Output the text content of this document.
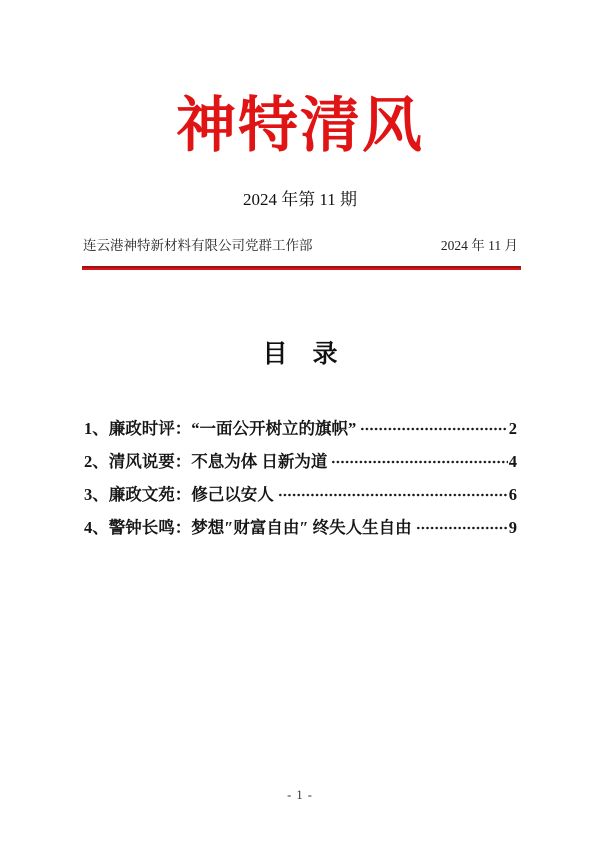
神特清风
2024 年第 11 期
连云港神特新材料有限公司党群工作部	2024 年 11 月
目　录
1、廉政时评：“一面公开树立的旗帜”	2
2、清风说要：不息为体 日新为道	4
3、廉政文苑：修己以安人	6
4、警钟长鸣：梦想″财富自由″ 终失人生自由	9
- 1 -
